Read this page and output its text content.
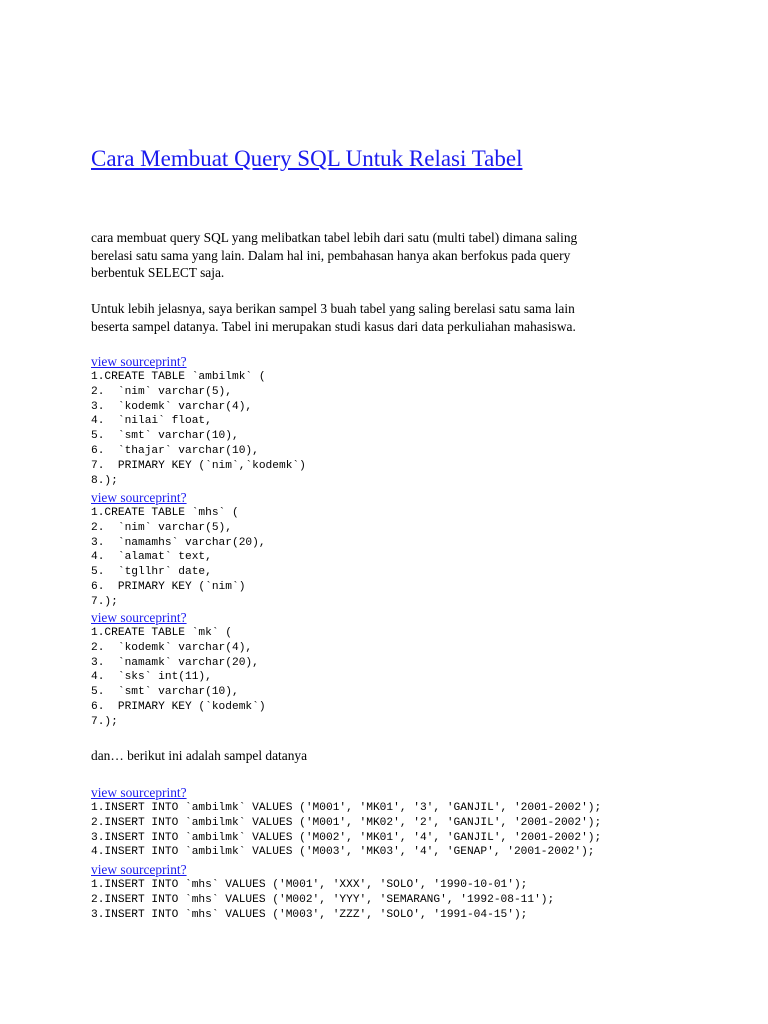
Cara Membuat Query SQL Untuk Relasi Tabel

cara membuat query SQL yang melibatkan tabel lebih dari satu (multi tabel) dimana saling
berelasi satu sama yang lain. Dalam hal ini, pembahasan hanya akan berfokus pada query
berbentuk SELECT saja.

Untuk lebih jelasnya, saya berikan sampel 3 buah tabel yang saling berelasi satu sama lain
beserta sampel datanya. Tabel ini merupakan studi kasus dari data perkuliahan mahasiswa.

view sourceprint?
1.CREATE TABLE `ambilmk` (
2.  `nim` varchar(5),
3.  `kodemk` varchar(4),
4.  `nilai` float,
5.  `smt` varchar(10),
6.  `thajar` varchar(10),
7.  PRIMARY KEY (`nim`,`kodemk`)
8.);
view sourceprint?
1.CREATE TABLE `mhs` (
2.  `nim` varchar(5),
3.  `namamhs` varchar(20),
4.  `alamat` text,
5.  `tgllhr` date,
6.  PRIMARY KEY (`nim`)
7.);
view sourceprint?
1.CREATE TABLE `mk` (
2.  `kodemk` varchar(4),
3.  `namamk` varchar(20),
4.  `sks` int(11),
5.  `smt` varchar(10),
6.  PRIMARY KEY (`kodemk`)
7.);

dan… berikut ini adalah sampel datanya

view sourceprint?
1.INSERT INTO `ambilmk` VALUES ('M001', 'MK01', '3', 'GANJIL', '2001-2002');
2.INSERT INTO `ambilmk` VALUES ('M001', 'MK02', '2', 'GANJIL', '2001-2002');
3.INSERT INTO `ambilmk` VALUES ('M002', 'MK01', '4', 'GANJIL', '2001-2002');
4.INSERT INTO `ambilmk` VALUES ('M003', 'MK03', '4', 'GENAP', '2001-2002');
view sourceprint?
1.INSERT INTO `mhs` VALUES ('M001', 'XXX', 'SOLO', '1990-10-01');
2.INSERT INTO `mhs` VALUES ('M002', 'YYY', 'SEMARANG', '1992-08-11');
3.INSERT INTO `mhs` VALUES ('M003', 'ZZZ', 'SOLO', '1991-04-15');
